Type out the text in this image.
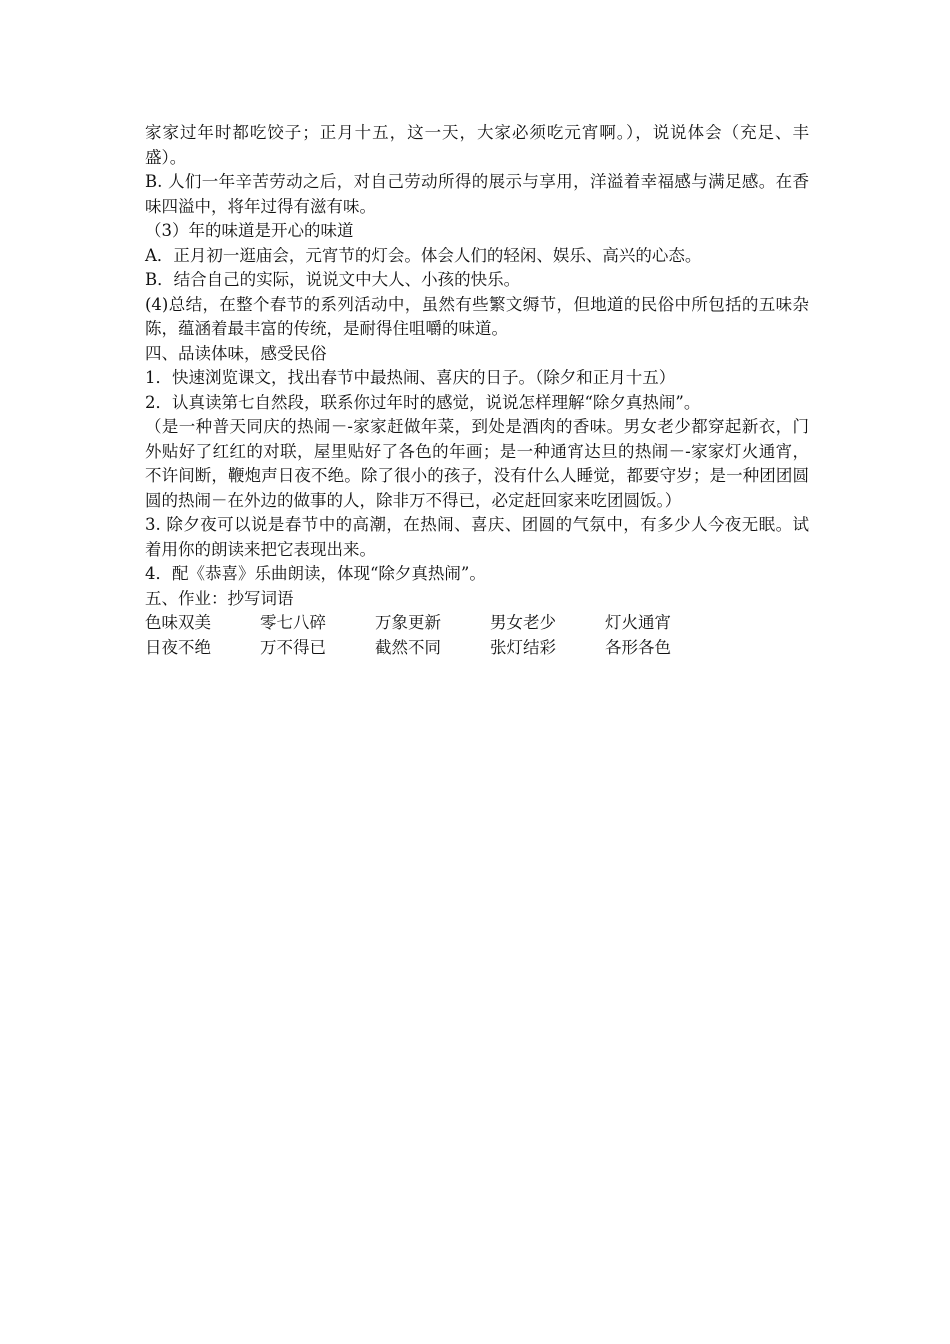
家家过年时都吃饺子；正月十五，这一天，大家必须吃元宵啊。），说说体会（充足、丰盛）。

B. 人们一年辛苦劳动之后，对自己劳动所得的展示与享用，洋溢着幸福感与满足感。在香味四溢中，将年过得有滋有味。

（3）年的味道是开心的味道

A．正月初一逛庙会，元宵节的灯会。体会人们的轻闲、娱乐、高兴的心态。

B．结合自己的实际，说说文中大人、小孩的快乐。

(4)总结，在整个春节的系列活动中，虽然有些繁文缛节，但地道的民俗中所包括的五味杂陈，蕴涵着最丰富的传统，是耐得住咀嚼的味道。

四、品读体味，感受民俗

1．快速浏览课文，找出春节中最热闹、喜庆的日子。（除夕和正月十五）

2．认真读第七自然段，联系你过年时的感觉，说说怎样理解“除夕真热闹”。

（是一种普天同庆的热闹－-家家赶做年菜，到处是酒肉的香味。男女老少都穿起新衣，门外贴好了红红的对联，屋里贴好了各色的年画；是一种通宵达旦的热闹－-家家灯火通宵，不许间断，鞭炮声日夜不绝。除了很小的孩子，没有什么人睡觉，都要守岁；是一种团团圆圆的热闹－在外边的做事的人，除非万不得已，必定赶回家来吃团圆饭。）

3. 除夕夜可以说是春节中的高潮，在热闹、喜庆、团圆的气氛中，有多少人今夜无眠。试着用你的朗读来把它表现出来。

4．配《恭喜》乐曲朗读，体现“除夕真热闹”。

五、作业：抄写词语

色味双美	零七八碎	万象更新	男女老少	灯火通宵
日夜不绝	万不得已	截然不同	张灯结彩	各形各色
